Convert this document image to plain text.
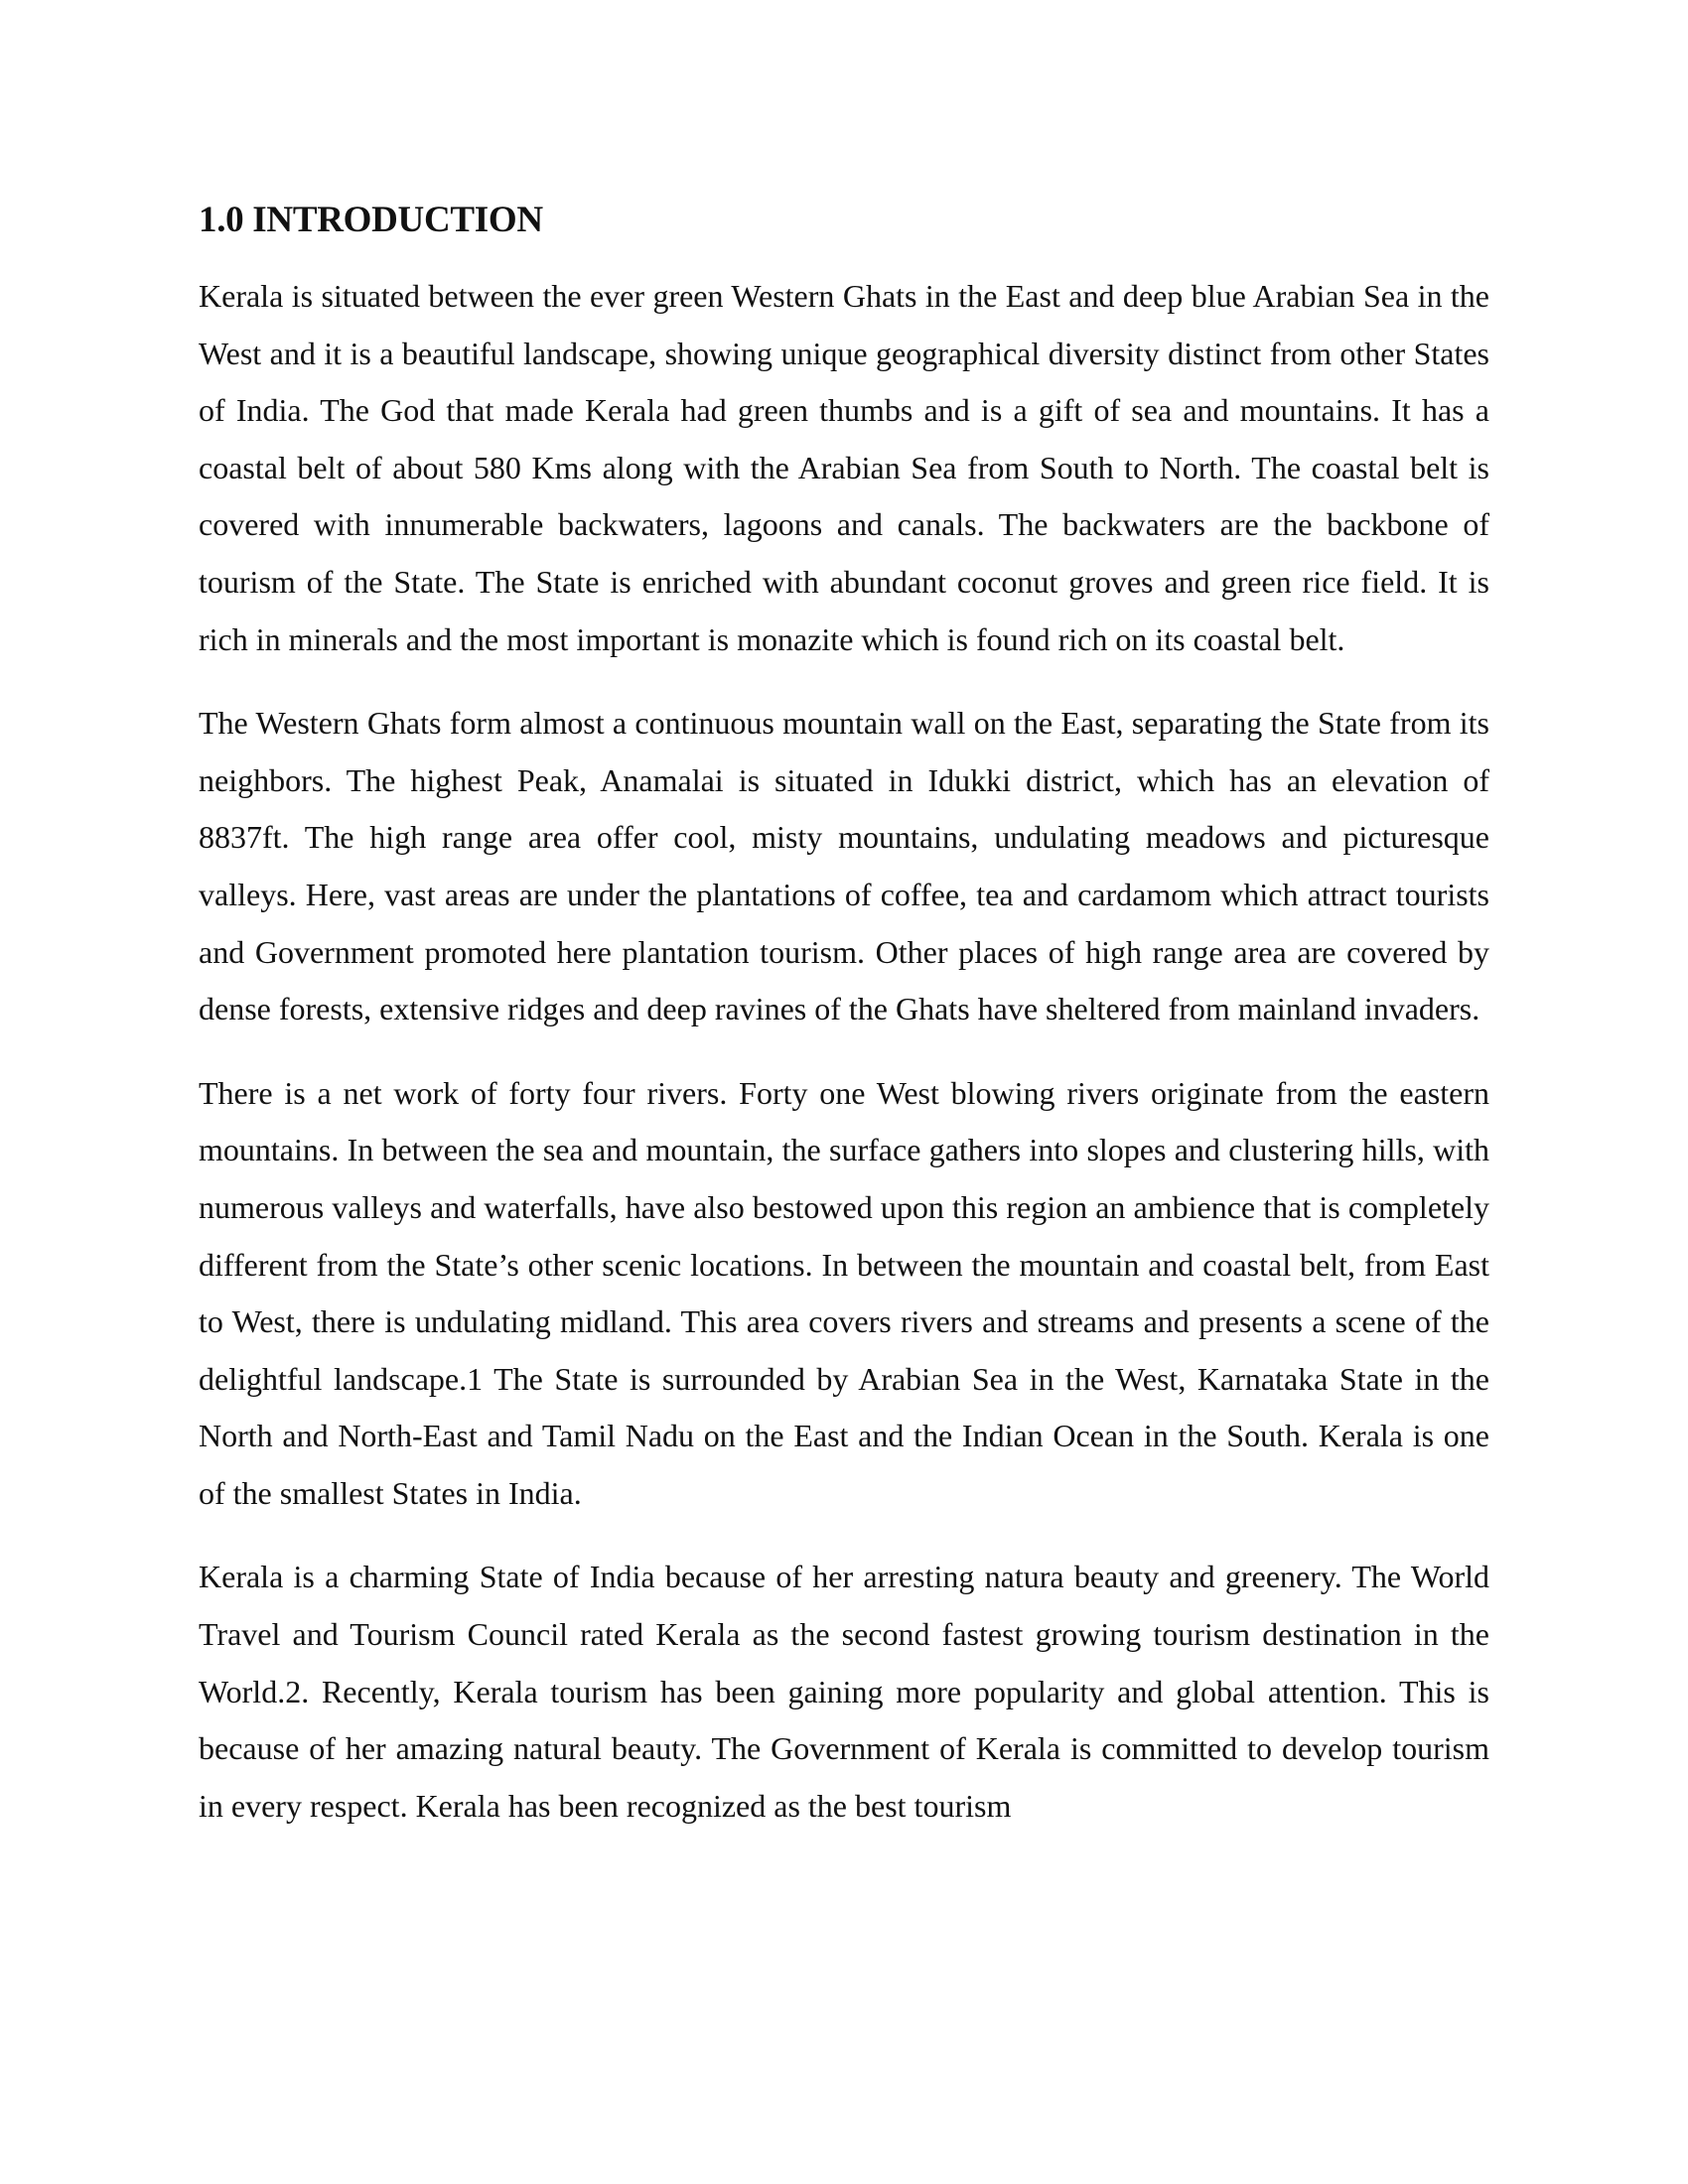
1.0 INTRODUCTION

Kerala is situated between the ever green Western Ghats in the East and deep blue Arabian Sea in the West and it is a beautiful landscape, showing unique geographical diversity distinct from other States of India. The God that made Kerala had green thumbs and is a gift of sea and mountains. It has a coastal belt of about 580 Kms along with the Arabian Sea from South to North. The coastal belt is covered with innumerable backwaters, lagoons and canals. The backwaters are the backbone of tourism of the State. The State is enriched with abundant coconut groves and green rice field. It is rich in minerals and the most important is monazite which is found rich on its coastal belt.

The Western Ghats form almost a continuous mountain wall on the East, separating the State from its neighbors. The highest Peak, Anamalai is situated in Idukki district, which has an elevation of 8837ft. The high range area offer cool, misty mountains, undulating meadows and picturesque valleys. Here, vast areas are under the plantations of coffee, tea and cardamom which attract tourists and Government promoted here plantation tourism. Other places of high range area are covered by dense forests, extensive ridges and deep ravines of the Ghats have sheltered from mainland invaders.

There is a net work of forty four rivers. Forty one West blowing rivers originate from the eastern mountains. In between the sea and mountain, the surface gathers into slopes and clustering hills, with numerous valleys and waterfalls, have also bestowed upon this region an ambience that is completely different from the State’s other scenic locations. In between the mountain and coastal belt, from East to West, there is undulating midland. This area covers rivers and streams and presents a scene of the delightful landscape.1 The State is surrounded by Arabian Sea in the West, Karnataka State in the North and North-East and Tamil Nadu on the East and the Indian Ocean in the South. Kerala is one of the smallest States in India.

Kerala is a charming State of India because of her arresting natura beauty and greenery. The World Travel and Tourism Council rated Kerala as the second fastest growing tourism destination in the World.2. Recently, Kerala tourism has been gaining more popularity and global attention. This is because of her amazing natural beauty. The Government of Kerala is committed to develop tourism in every respect. Kerala has been recognized as the best tourism
